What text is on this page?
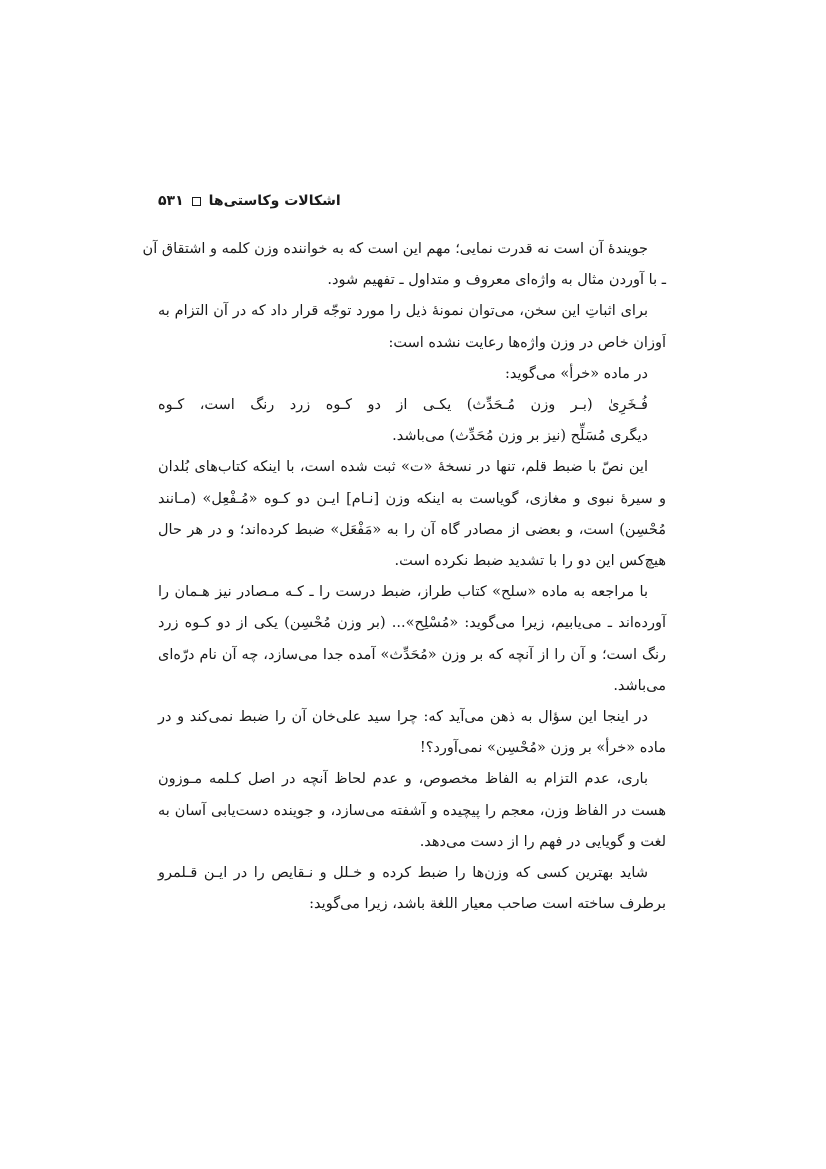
۵۳۱ اشکالات وکاستی‌ها
جویندهٔ آن است نه قدرت نمایی؛ مهم این است که به خواننده وزن کلمه و اشتقاق آن
ـ با آوردن مثال به واژه‌ای معروف و متداول ـ تفهیم شود.
برای اثباتِ این سخن، می‌توان نمونهٔ ذیل را مورد توجّه قرار داد که در آن التزام به
اَوزان خاص در وزن واژه‌ها رعایت نشده است:
در ماده «خرأ» می‌گوید:
فُـخَرِیٰ (بـر وزن مُـحَدِّث) یکـی از دو کـوه زرد رنگ است، کـوه
دیگری مُسَلِّح (نیز بر وزن مُحَدِّث) می‌باشد.
این نصّ با ضبط قلم، تنها در نسخهٔ «ت» ثبت شده است، با اینکه کتاب‌های بُلدان
و سیرهٔ نبوی و مغازی، گویاست به اینکه وزن [نـام] ایـن دو کـوه «مُـفْعِل» (مـانند
مُحْسِن) است، و بعضی از مصادر گاه آن را به «مَفْعَل» ضبط کرده‌اند؛ و در هر حال
هیچ‌کس این دو را با تشدید ضبط نکرده است.
با مراجعه به ماده «سلح» کتاب طراز، ضبط درست را ـ کـه مـصادر نیز هـمان را
آورده‌اند ـ می‌یابیم، زیرا می‌گوید: «مُسْلِح»... (بر وزن مُحْسِن) یکی از دو کـوه زرد
رنگ است؛ و آن را از آنچه که بر وزن «مُحَدِّث» آمده جدا می‌سازد، چه آن نام درّه‌ای
می‌باشد.
در اینجا این سؤال به ذهن می‌آید که: چرا سید علی‌خان آن را ضبط نمی‌کند و در
ماده «خرأ» بر وزن «مُحْسِن» نمی‌آورد؟!
باری، عدم التزام به الفاظ مخصوص، و عدم لحاظ آنچه در اصل کـلمه مـوزون
هست در الفاظ وزن، معجم را پیچیده و آشفته می‌سازد، و جوینده دست‌یابی آسان به
لغت و گویایی در فهم را از دست می‌دهد.
شاید بهترین کسی که وزن‌ها را ضبط کرده و خـلل و نـقایص را در ایـن قـلمرو
برطرف ساخته است صاحب معیار اللغة باشد، زیرا می‌گوید:
